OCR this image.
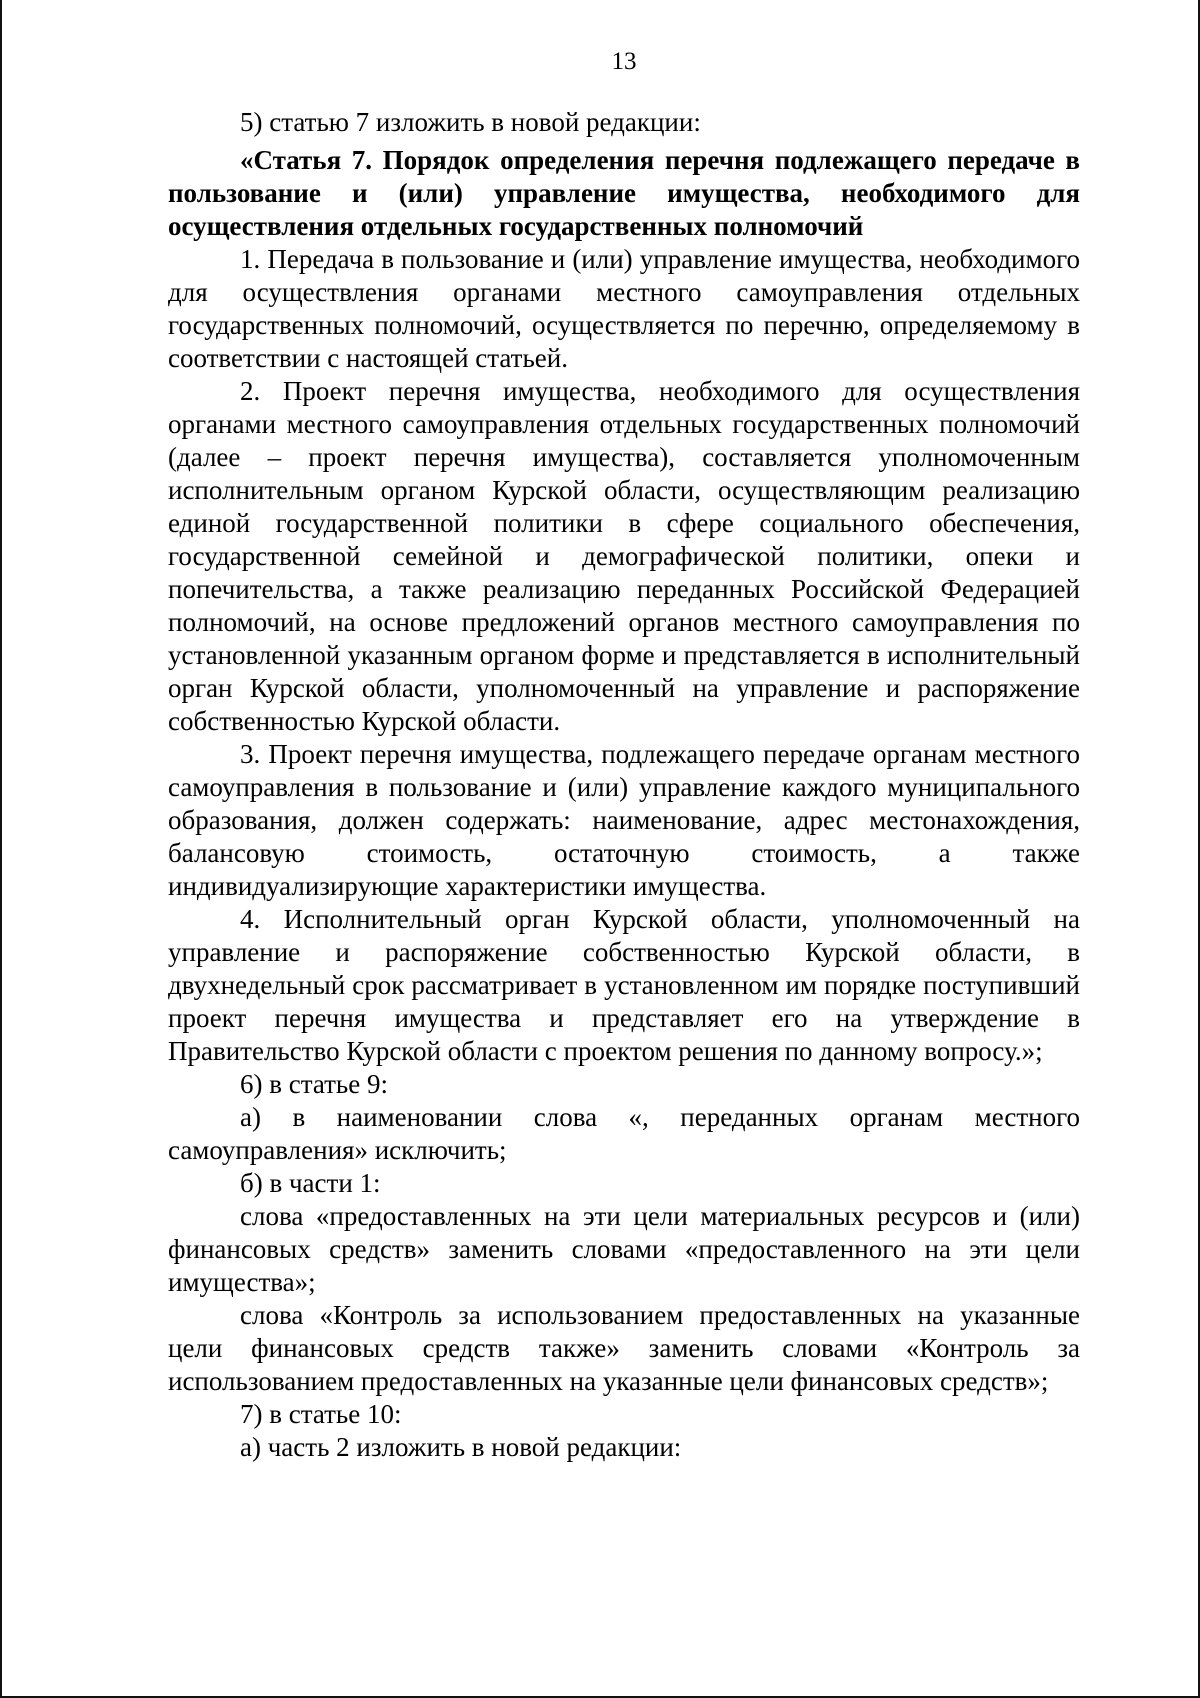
13

5) статью 7 изложить в новой редакции:

«Статья 7. Порядок определения перечня подлежащего передаче в пользование и (или) управление имущества, необходимого для осуществления отдельных государственных полномочий

1. Передача в пользование и (или) управление имущества, необходимого для осуществления органами местного самоуправления отдельных государственных полномочий, осуществляется по перечню, определяемому в соответствии с настоящей статьей.

2. Проект перечня имущества, необходимого для осуществления органами местного самоуправления отдельных государственных полномочий (далее – проект перечня имущества), составляется уполномоченным исполнительным органом Курской области, осуществляющим реализацию единой государственной политики в сфере социального обеспечения, государственной семейной и демографической политики, опеки и попечительства, а также реализацию переданных Российской Федерацией полномочий, на основе предложений органов местного самоуправления по установленной указанным органом форме и представляется в исполнительный орган Курской области, уполномоченный на управление и распоряжение собственностью Курской области.

3. Проект перечня имущества, подлежащего передаче органам местного самоуправления в пользование и (или) управление каждого муниципального образования, должен содержать: наименование, адрес местонахождения, балансовую стоимость, остаточную стоимость, а также индивидуализирующие характеристики имущества.

4. Исполнительный орган Курской области, уполномоченный на управление и распоряжение собственностью Курской области, в двухнедельный срок рассматривает в установленном им порядке поступивший проект перечня имущества и представляет его на утверждение в Правительство Курской области с проектом решения по данному вопросу.»;

6) в статье 9:

а) в наименовании слова «, переданных органам местного самоуправления» исключить;

б) в части 1:

слова «предоставленных на эти цели материальных ресурсов и (или) финансовых средств» заменить словами «предоставленного на эти цели имущества»;

слова «Контроль за использованием предоставленных на указанные цели финансовых средств также» заменить словами «Контроль за использованием предоставленных на указанные цели финансовых средств»;

7) в статье 10:

а) часть 2 изложить в новой редакции:
